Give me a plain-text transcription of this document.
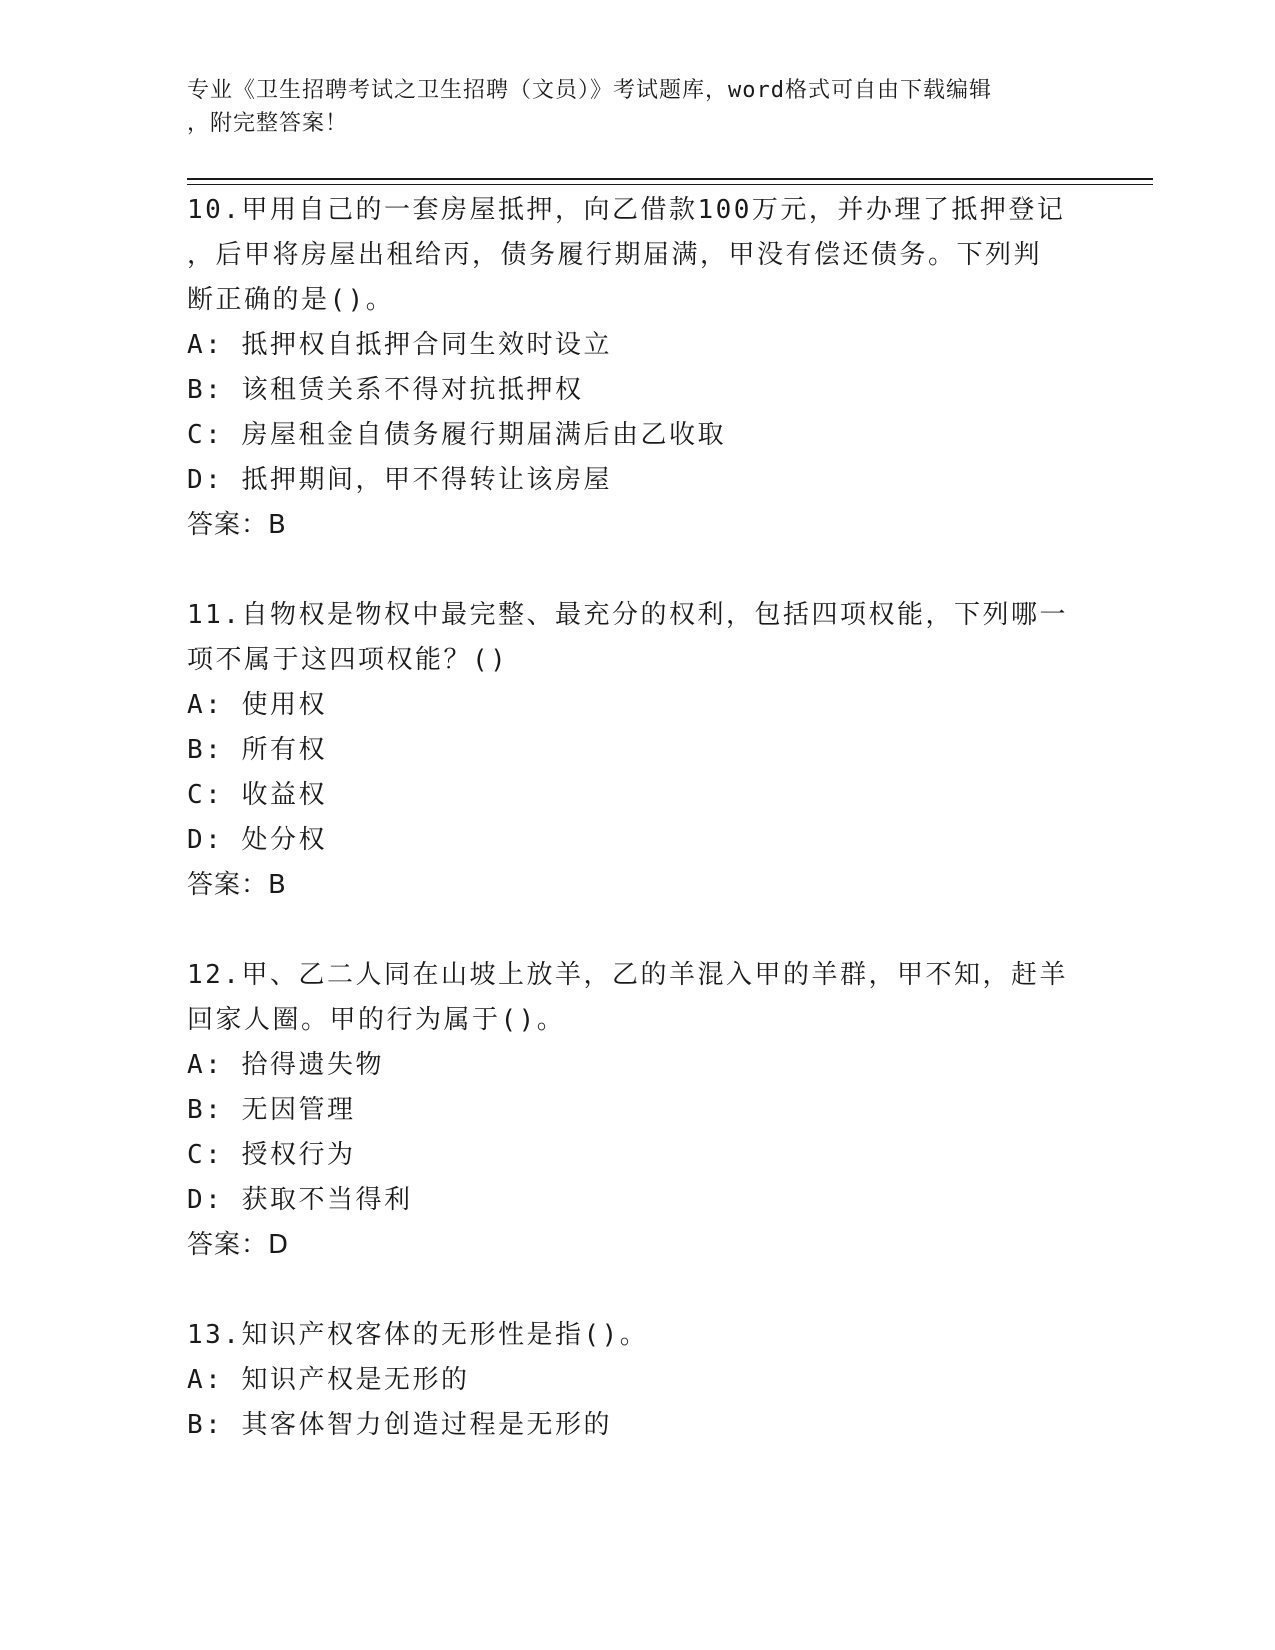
专业《卫生招聘考试之卫生招聘（文员）》考试题库，word格式可自由下载编辑
，附完整答案！
10.甲用自己的一套房屋抵押，向乙借款100万元，并办理了抵押登记
，后甲将房屋出租给丙，债务履行期届满，甲没有偿还债务。下列判
断正确的是()。
A: 抵押权自抵押合同生效时设立
B: 该租赁关系不得对抗抵押权
C: 房屋租金自债务履行期届满后由乙收取
D: 抵押期间，甲不得转让该房屋
答案：B
11.自物权是物权中最完整、最充分的权利，包括四项权能，下列哪一
项不属于这四项权能？()
A: 使用权
B: 所有权
C: 收益权
D: 处分权
答案：B
12.甲、乙二人同在山坡上放羊，乙的羊混入甲的羊群，甲不知，赶羊
回家人圈。甲的行为属于()。
A: 拾得遗失物
B: 无因管理
C: 授权行为
D: 获取不当得利
答案：D
13.知识产权客体的无形性是指()。
A: 知识产权是无形的
B: 其客体智力创造过程是无形的
